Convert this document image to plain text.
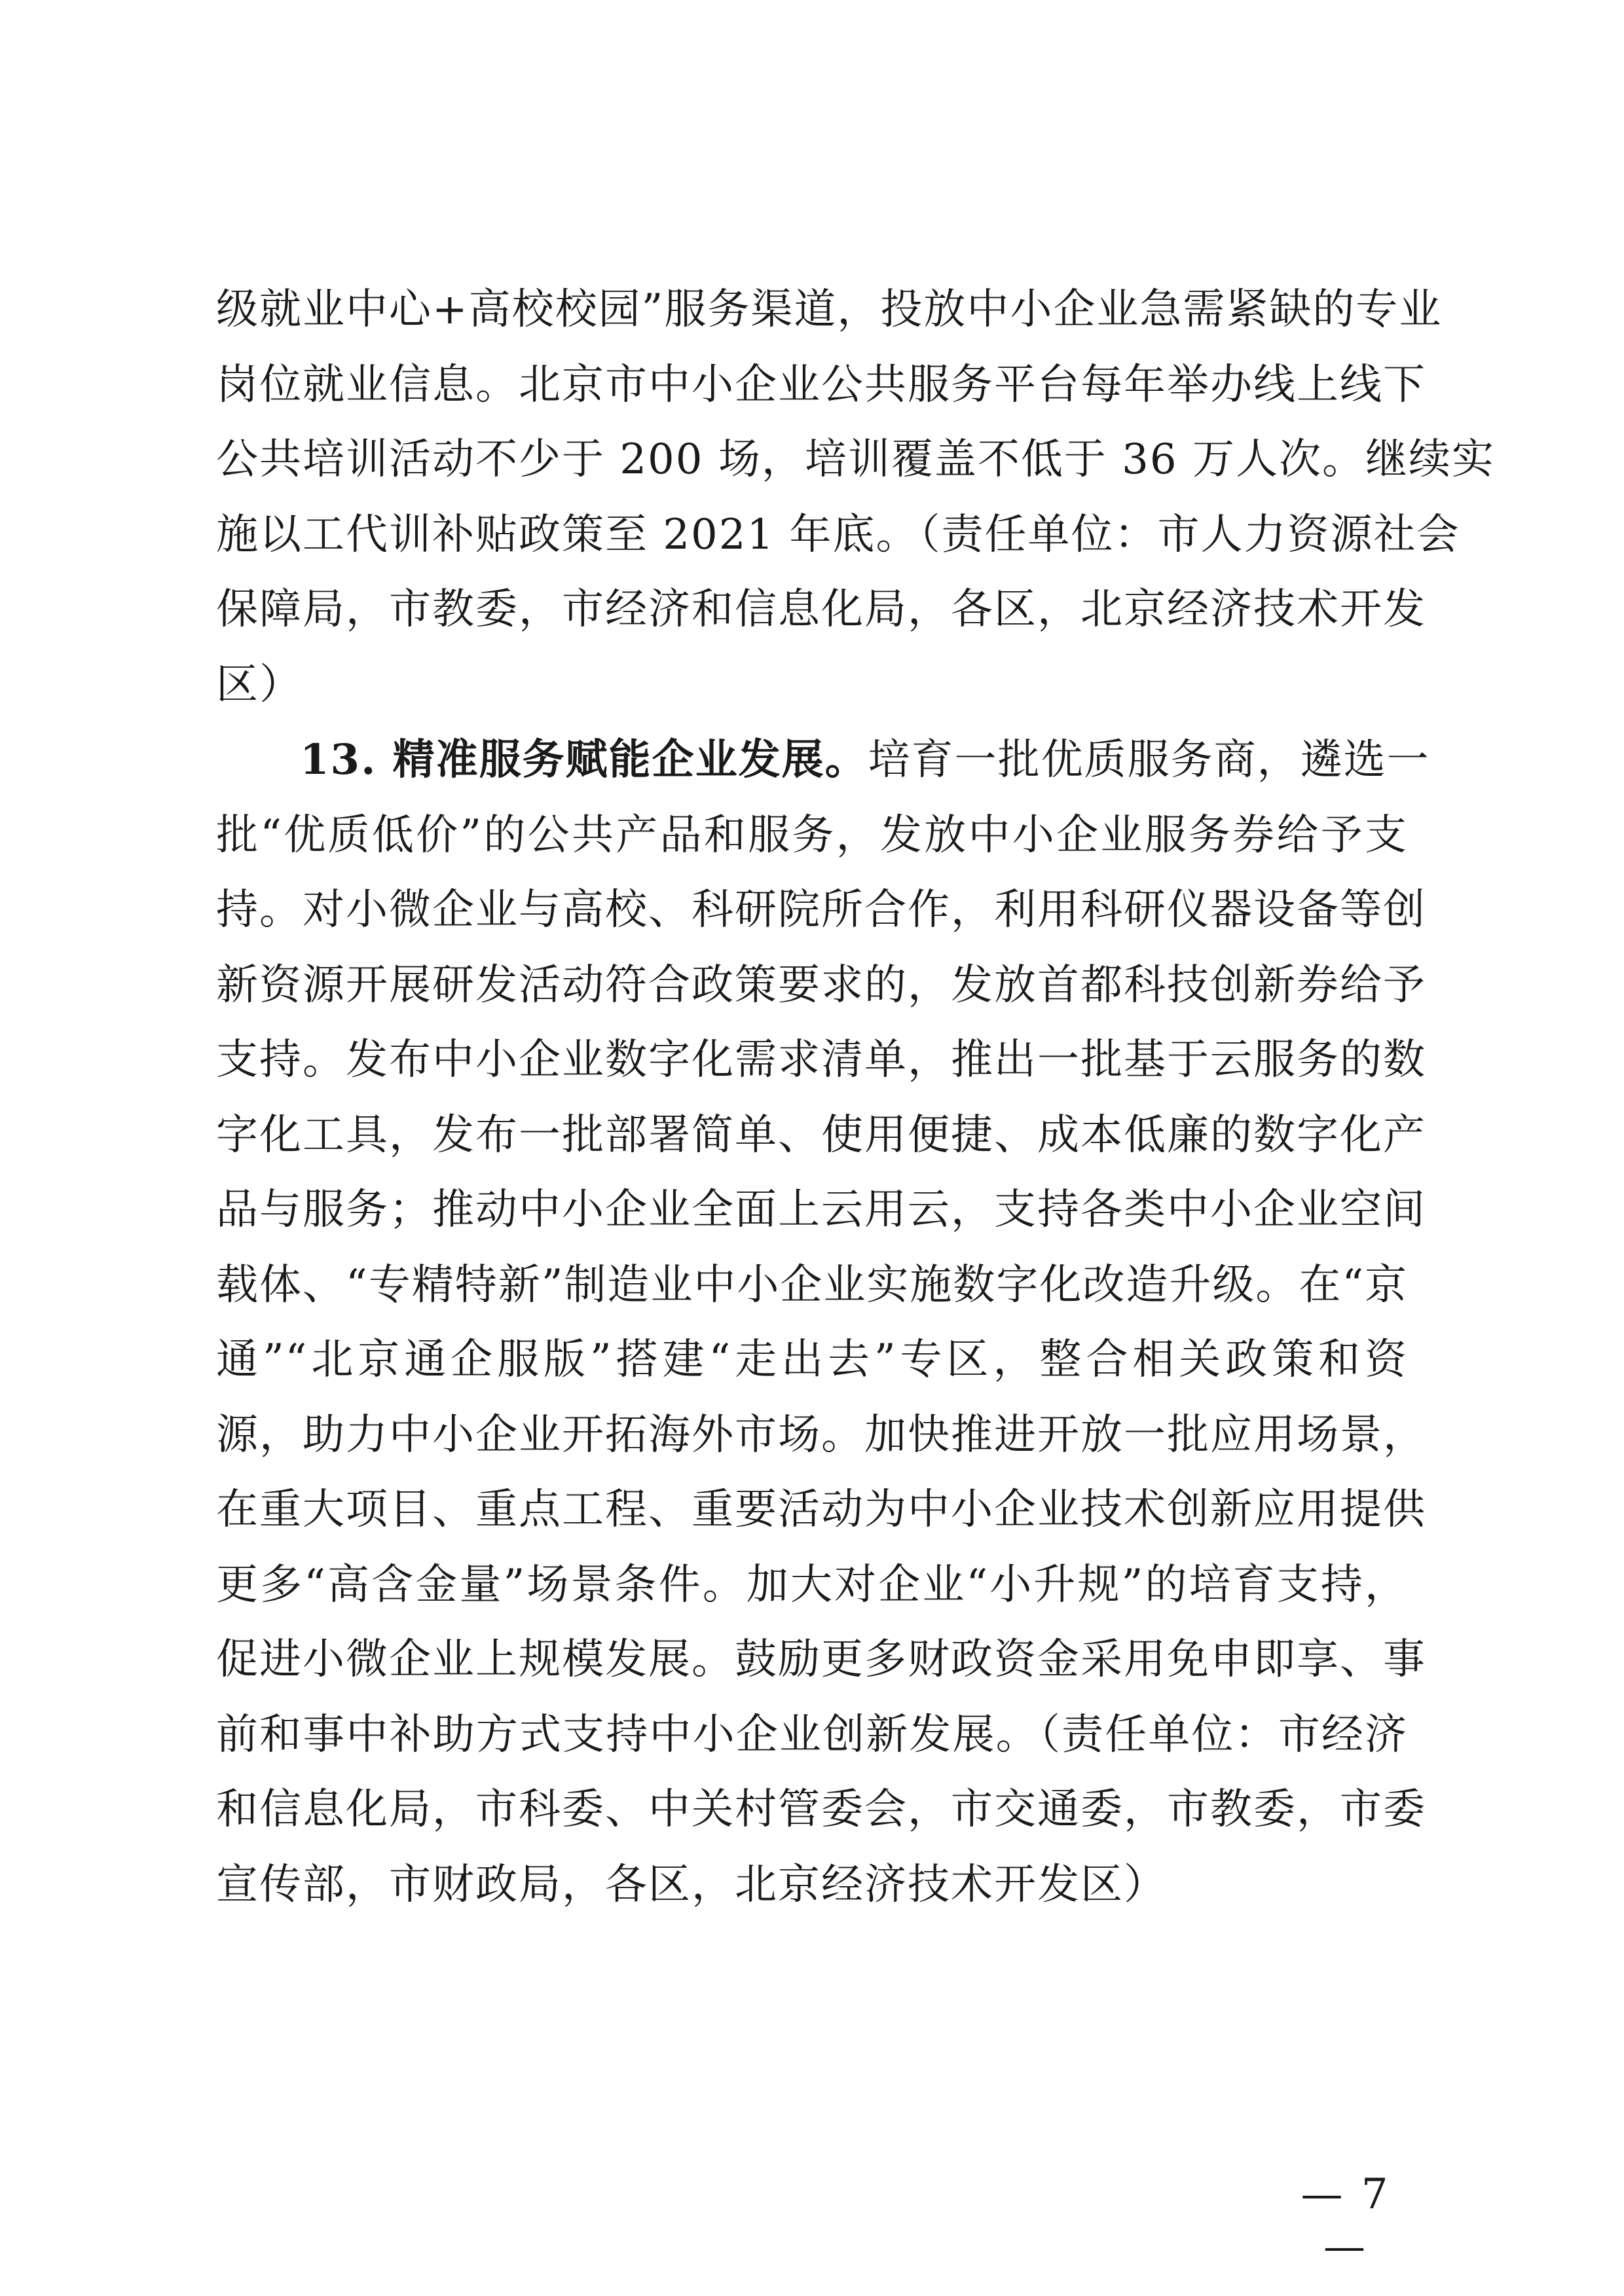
级就业中心+高校校园”服务渠道，投放中小企业急需紧缺的专业
岗位就业信息。北京市中小企业公共服务平台每年举办线上线下
公共培训活动不少于 200 场，培训覆盖不低于 36 万人次。继续实
施以工代训补贴政策至 2021 年底。（责任单位：市人力资源社会
保障局，市教委，市经济和信息化局，各区，北京经济技术开发
区）
13. 精准服务赋能企业发展。培育一批优质服务商，遴选一
批“优质低价”的公共产品和服务，发放中小企业服务券给予支
持。对小微企业与高校、科研院所合作，利用科研仪器设备等创
新资源开展研发活动符合政策要求的，发放首都科技创新券给予
支持。发布中小企业数字化需求清单，推出一批基于云服务的数
字化工具，发布一批部署简单、使用便捷、成本低廉的数字化产
品与服务；推动中小企业全面上云用云，支持各类中小企业空间
载体、“专精特新”制造业中小企业实施数字化改造升级。在“京
通”“北京通企服版”搭建“走出去”专区，整合相关政策和资
源，助力中小企业开拓海外市场。加快推进开放一批应用场景，
在重大项目、重点工程、重要活动为中小企业技术创新应用提供
更多“高含金量”场景条件。加大对企业“小升规”的培育支持，
促进小微企业上规模发展。鼓励更多财政资金采用免申即享、事
前和事中补助方式支持中小企业创新发展。（责任单位：市经济
和信息化局，市科委、中关村管委会，市交通委，市教委，市委
宣传部，市财政局，各区，北京经济技术开发区）
— 7 —
